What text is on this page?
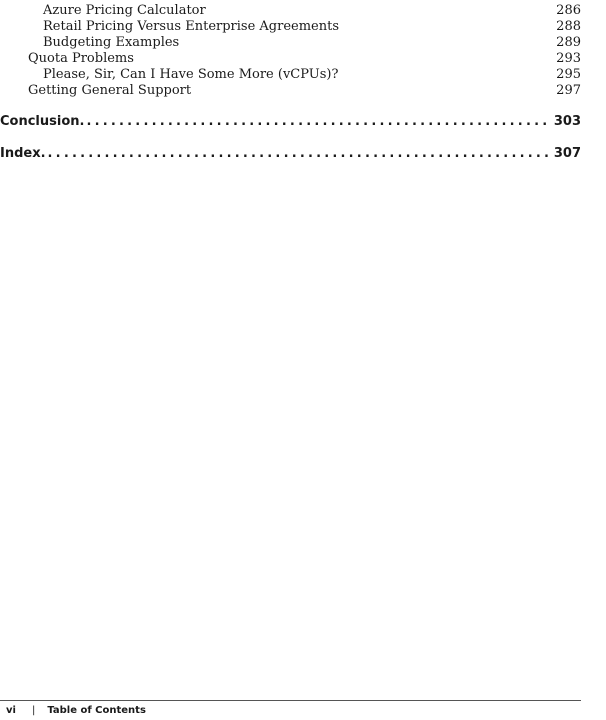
Azure Pricing Calculator	286
Retail Pricing Versus Enterprise Agreements	288
Budgeting Examples	289
Quota Problems	293
Please, Sir, Can I Have Some More (vCPUs)?	295
Getting General Support	297
Conclusion. .....	303
Index. .....	307
vi | Table of Contents
